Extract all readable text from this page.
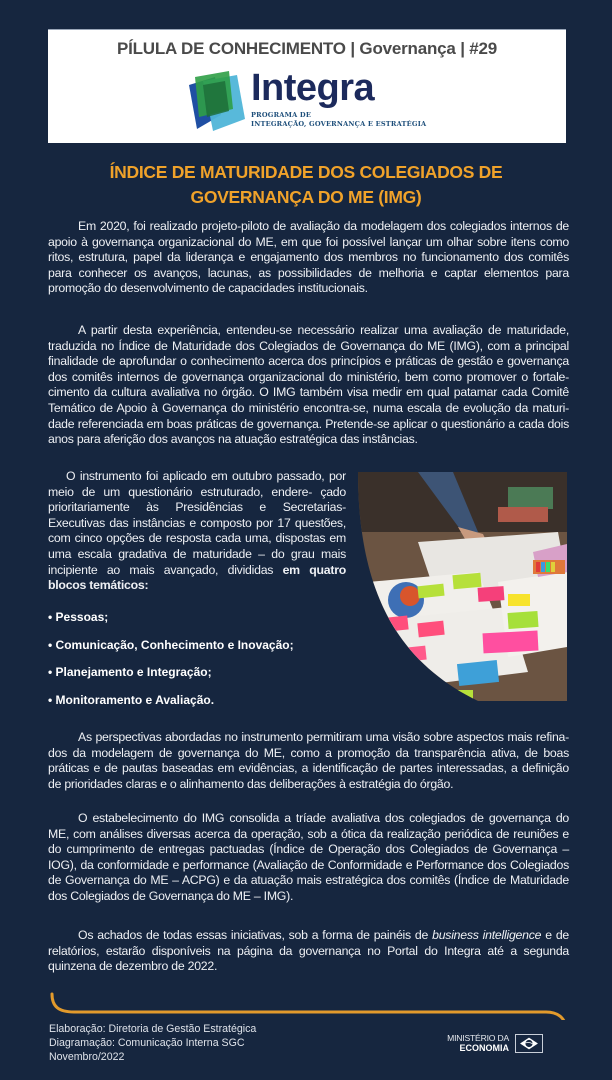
PÍLULA DE CONHECIMENTO | Governança | #29
Integra
PROGRAMA DE
INTEGRAÇÃO, GOVERNANÇA E ESTRATÉGIA
ÍNDICE DE MATURIDADE DOS COLEGIADOS DE
GOVERNANÇA DO ME (IMG)

Em 2020, foi realizado projeto-piloto de avaliação da modelagem dos colegiados internos de apoio à governança organizacional do ME, em que foi possível lançar um olhar sobre itens como ritos, estrutura, papel da liderança e engajamento dos membros no funcionamento dos comitês para conhecer os avanços, lacunas, as possibilidades de melhoria e captar elementos para promoção do desenvolvimento de capacidades institucionais.

A partir desta experiência, entendeu-se necessário realizar uma avaliação de maturidade, traduzida no Índice de Maturidade dos Colegiados de Governança do ME (IMG), com a principal finalidade de aprofundar o conhecimento acerca dos princípios e práticas de gestão e governança dos comitês internos de governança organizacional do ministério, bem como promover o fortale- cimento da cultura avaliativa no órgão. O IMG também visa medir em qual patamar cada Comitê Temático de Apoio à Governança do ministério encontra-se, numa escala de evolução da maturi- dade referenciada em boas práticas de governança. Pretende-se aplicar o questionário a cada dois anos para aferição dos avanços na atuação estratégica das instâncias.

O instrumento foi aplicado em outubro passado, por meio de um questionário estruturado, endere- çado prioritariamente às Presidências e Secretarias- Executivas das instâncias e composto por 17 questões, com cinco opções de resposta cada uma, dispostas em uma escala gradativa de maturidade – do grau mais incipiente ao mais avançado, divididas em quatro blocos temáticos:

• Pessoas;
• Comunicação, Conhecimento e Inovação;
• Planejamento e Integração;
• Monitoramento e Avaliação.

As perspectivas abordadas no instrumento permitiram uma visão sobre aspectos mais refina- dos da modelagem de governança do ME, como a promoção da transparência ativa, de boas práticas e de pautas baseadas em evidências, a identificação de partes interessadas, a definição de prioridades claras e o alinhamento das deliberações à estratégia do órgão.

O estabelecimento do IMG consolida a tríade avaliativa dos colegiados de governança do ME, com análises diversas acerca da operação, sob a ótica da realização periódica de reuniões e do cumprimento de entregas pactuadas (Índice de Operação dos Colegiados de Governança – IOG), da conformidade e performance (Avaliação de Conformidade e Performance dos Colegiados de Governança do ME – ACPG) e da atuação mais estratégica dos comitês (Índice de Maturidade dos Colegiados de Governança do ME – IMG).

Os achados de todas essas iniciativas, sob a forma de painéis de business intelligence e de relatórios, estarão disponíveis na página da governança no Portal do Integra até a segunda quinzena de dezembro de 2022.

Elaboração: Diretoria de Gestão Estratégica
Diagramação: Comunicação Interna SGC
Novembro/2022
MINISTÉRIO DA
ECONOMIA
